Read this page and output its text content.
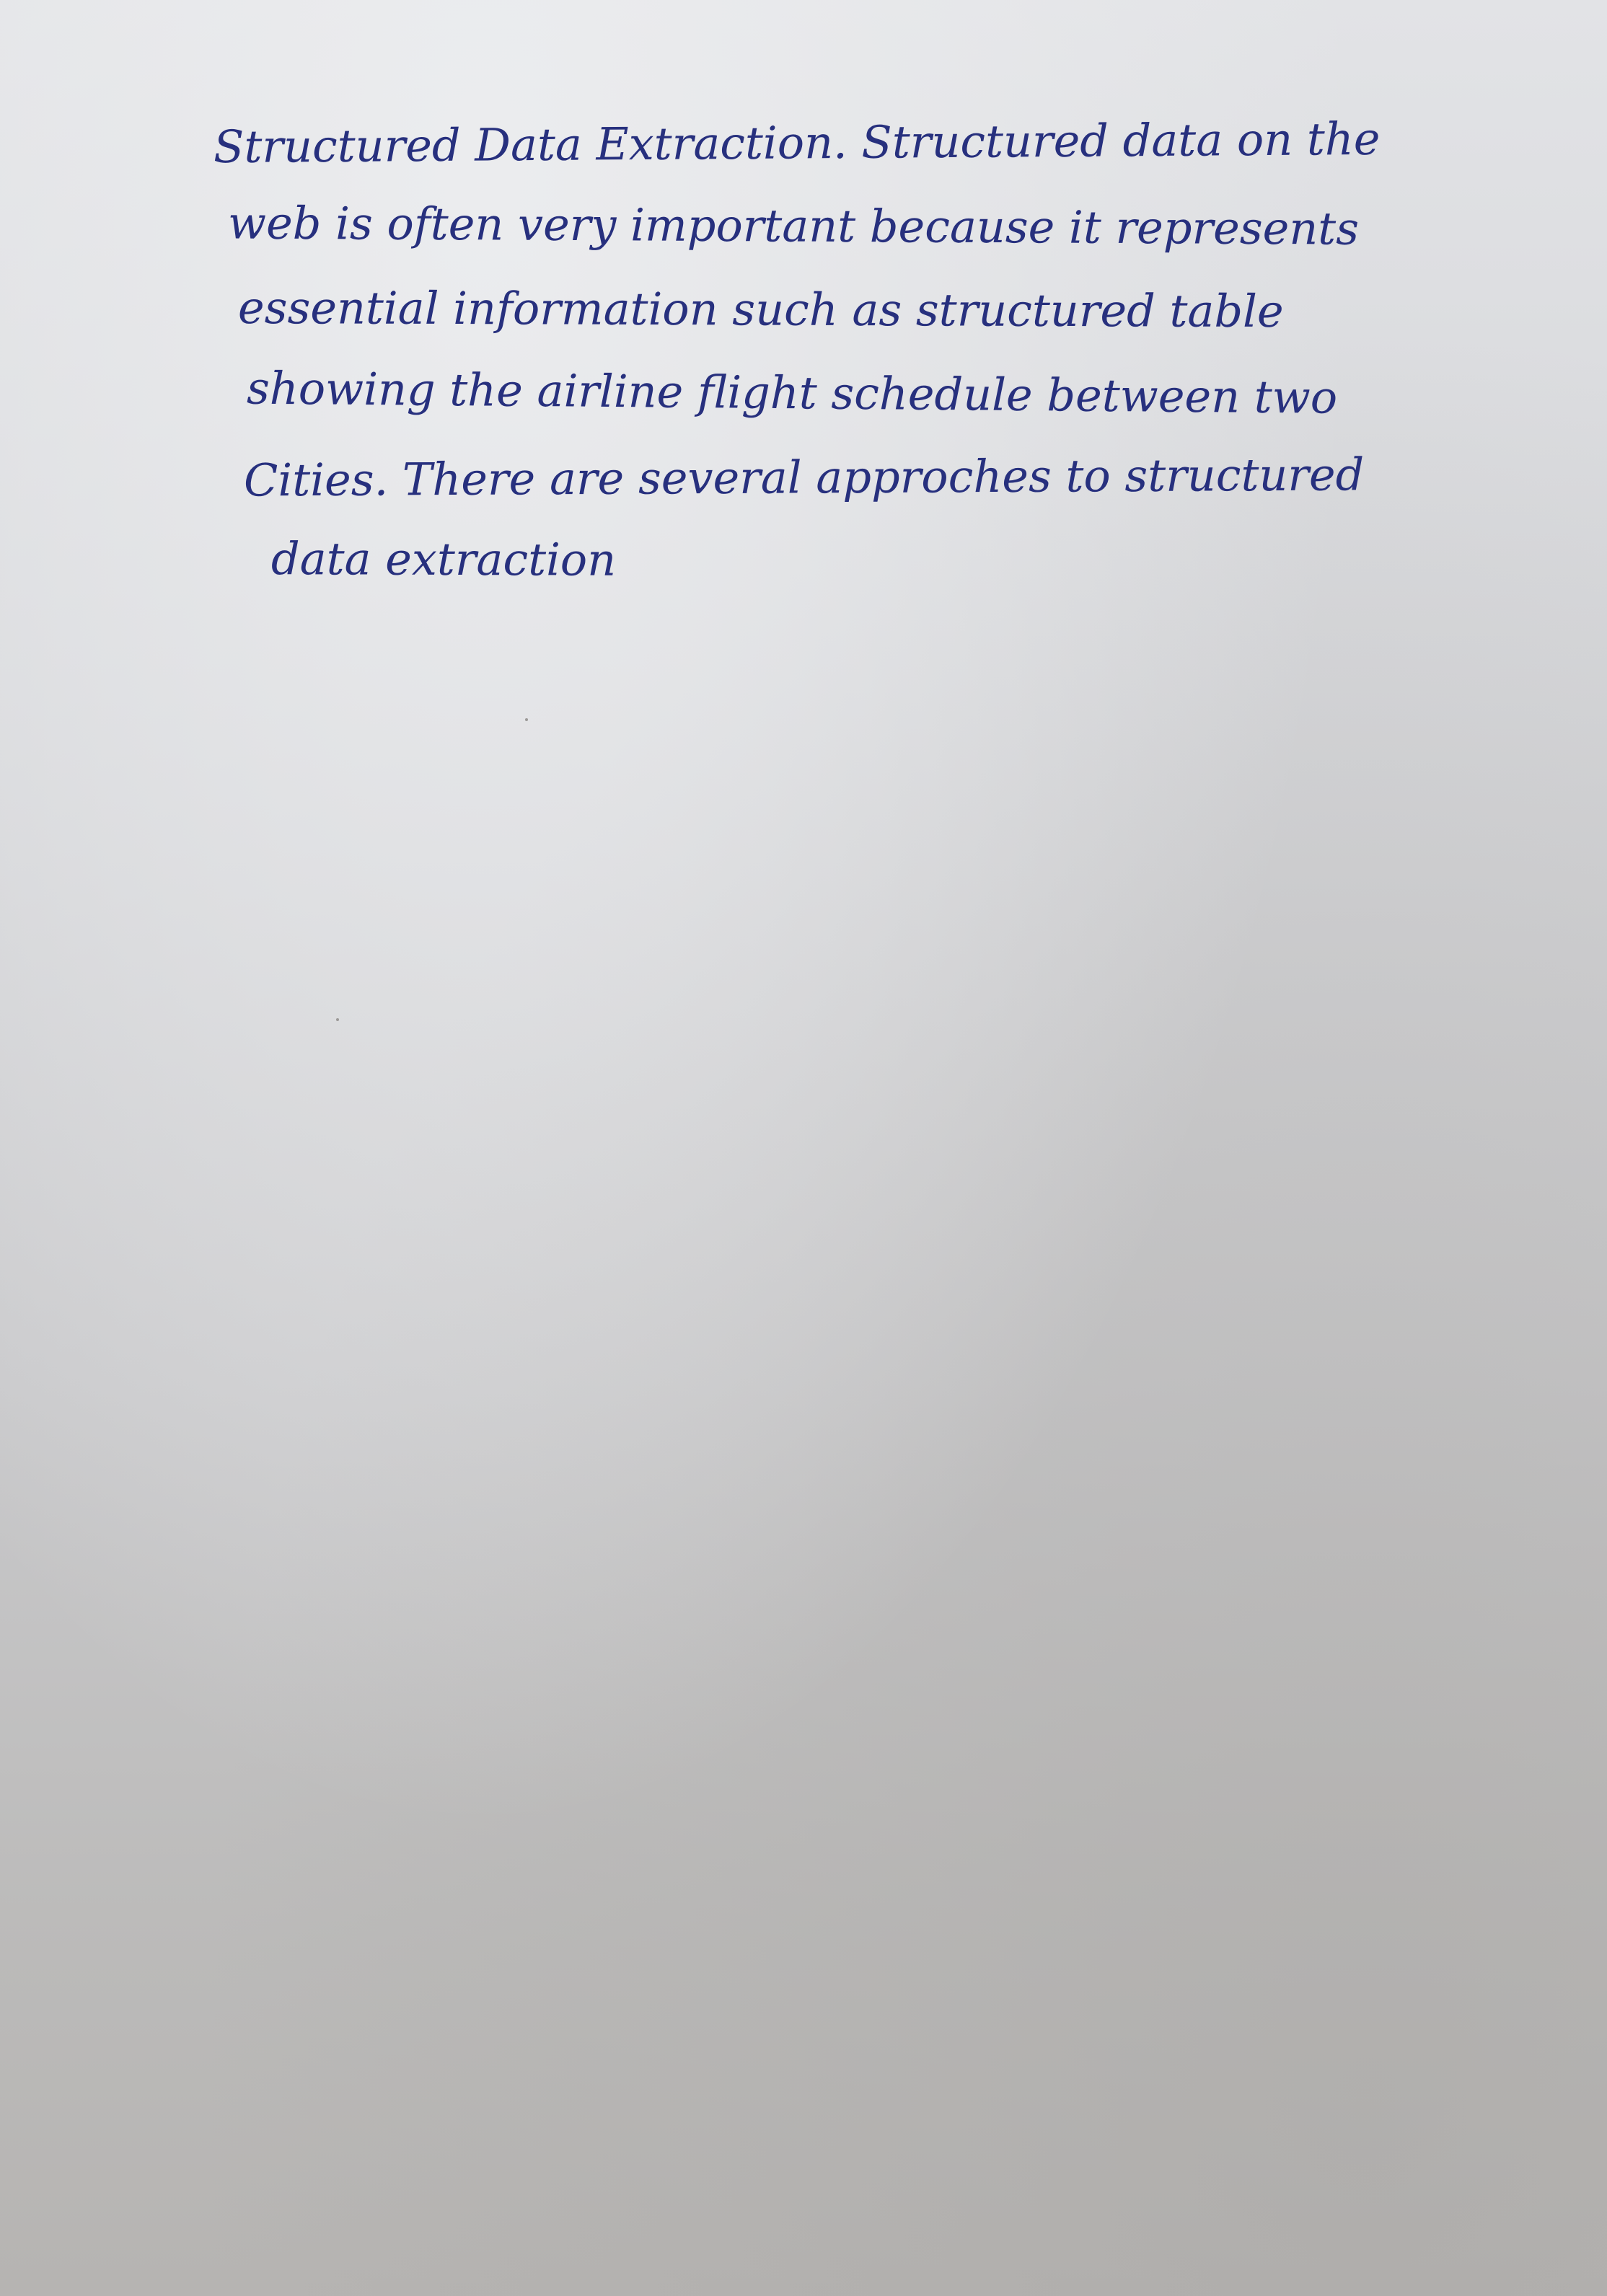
Structured Data Extraction. Structured data on the
web is often very important because it represents
essential information such as structured table
showing the airline flight schedule between two
Cities. There are several approches to structured
data extraction
